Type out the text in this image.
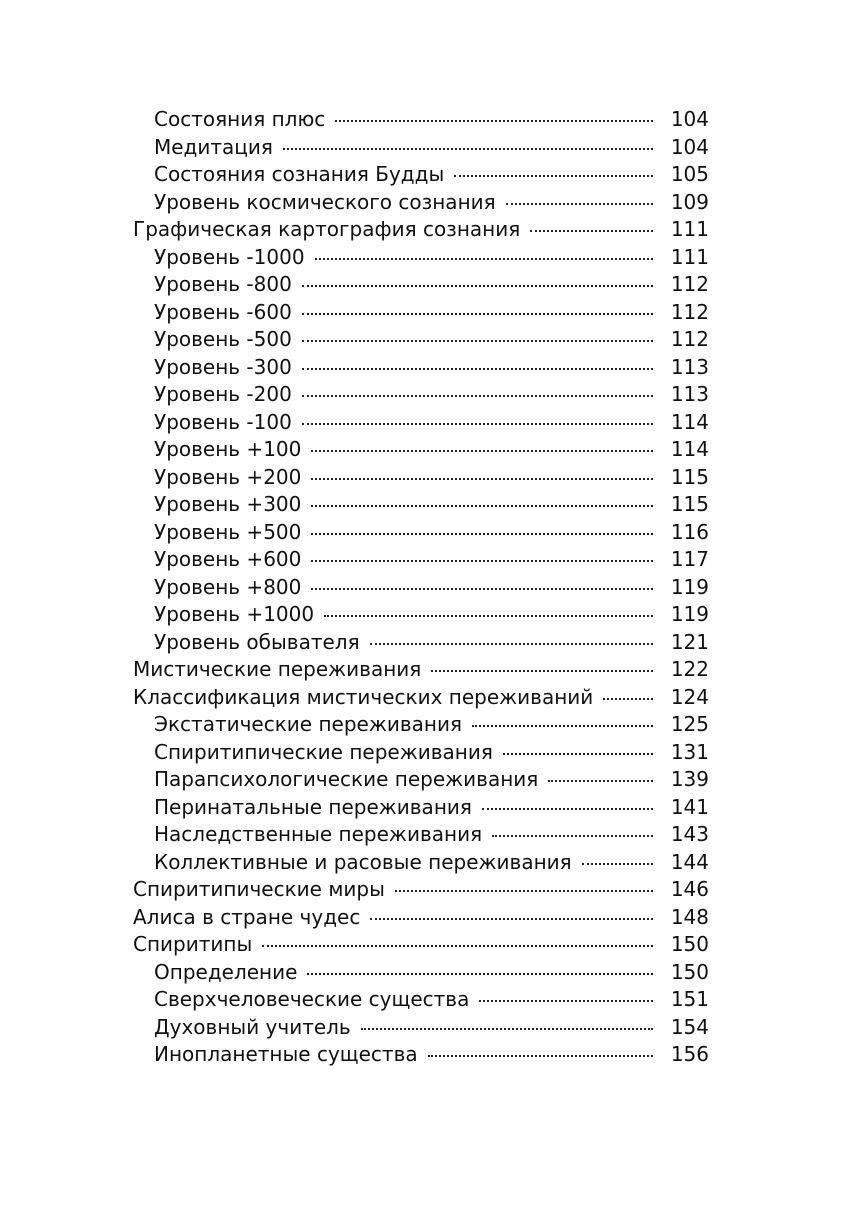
Состояния плюс	104
Медитация	104
Состояния сознания Будды	105
Уровень космического сознания	109
Графическая картография сознания	111
Уровень -1000	111
Уровень -800	112
Уровень -600	112
Уровень -500	112
Уровень -300	113
Уровень -200	113
Уровень -100	114
Уровень +100	114
Уровень +200	115
Уровень +300	115
Уровень +500	116
Уровень +600	117
Уровень +800	119
Уровень +1000	119
Уровень обывателя	121
Мистические переживания	122
Классификация мистических переживаний	124
Экстатические переживания	125
Спиритипические переживания	131
Парапсихологические переживания	139
Перинатальные переживания	141
Наследственные переживания	143
Коллективные и расовые переживания	144
Спиритипические миры	146
Алиса в стране чудес	148
Спиритипы	150
Определение	150
Сверхчеловеческие существа	151
Духовный учитель	154
Инопланетные существа	156
